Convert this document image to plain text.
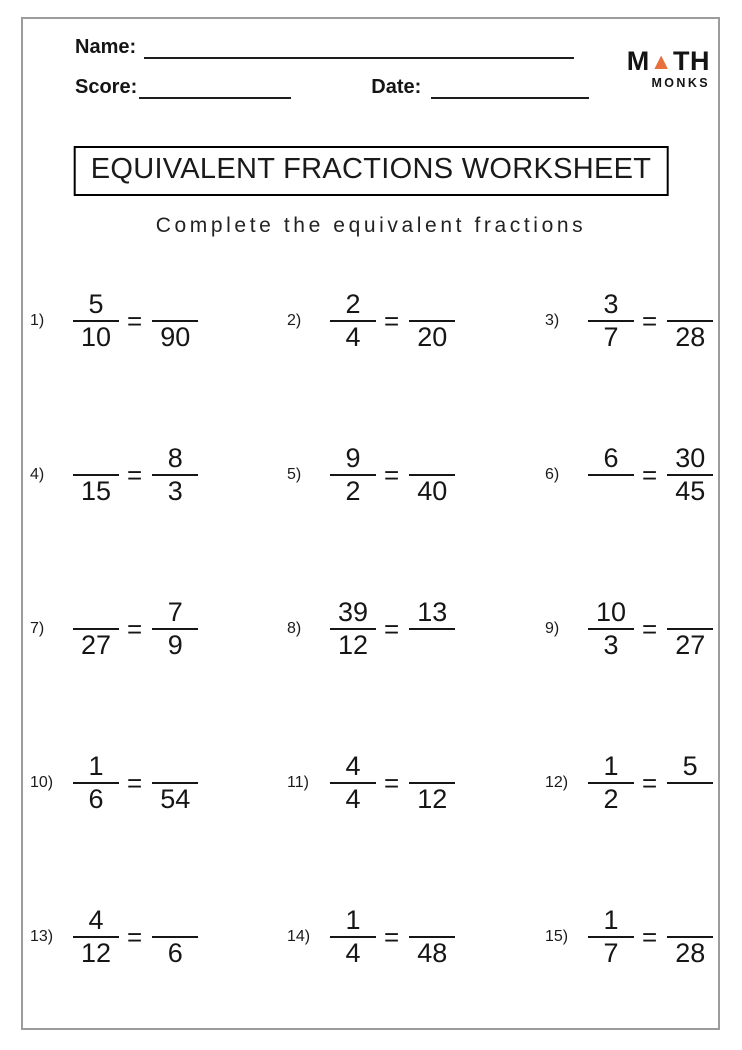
Name:
Score:	Date:
M▲TH
MONKS
EQUIVALENT FRACTIONS WORKSHEET
Complete the equivalent fractions
1)	$\frac{5}{10}$ =
90
2)	$\frac{2}{4}$ =
20
3)	$\frac{3}{7}$ =
28
4)
15
= $\frac{8}{3}$	5)	$\frac{9}{2}$ =
40
6)
6
= $\frac{30}{45}$
7)
27
= $\frac{7}{9}$	8)	$\frac{39}{12}$ =
13
9)	$\frac{10}{3}$ =
27
$10) \frac{1}{6}$ =
54
$11) \frac{4}{4}$ =
12
$12) \frac{1}{2}$ =
5
$13) \frac{4}{12}$ =
6
$14) \frac{1}{4}$ =
48
$15) \frac{1}{7}$ =
28
